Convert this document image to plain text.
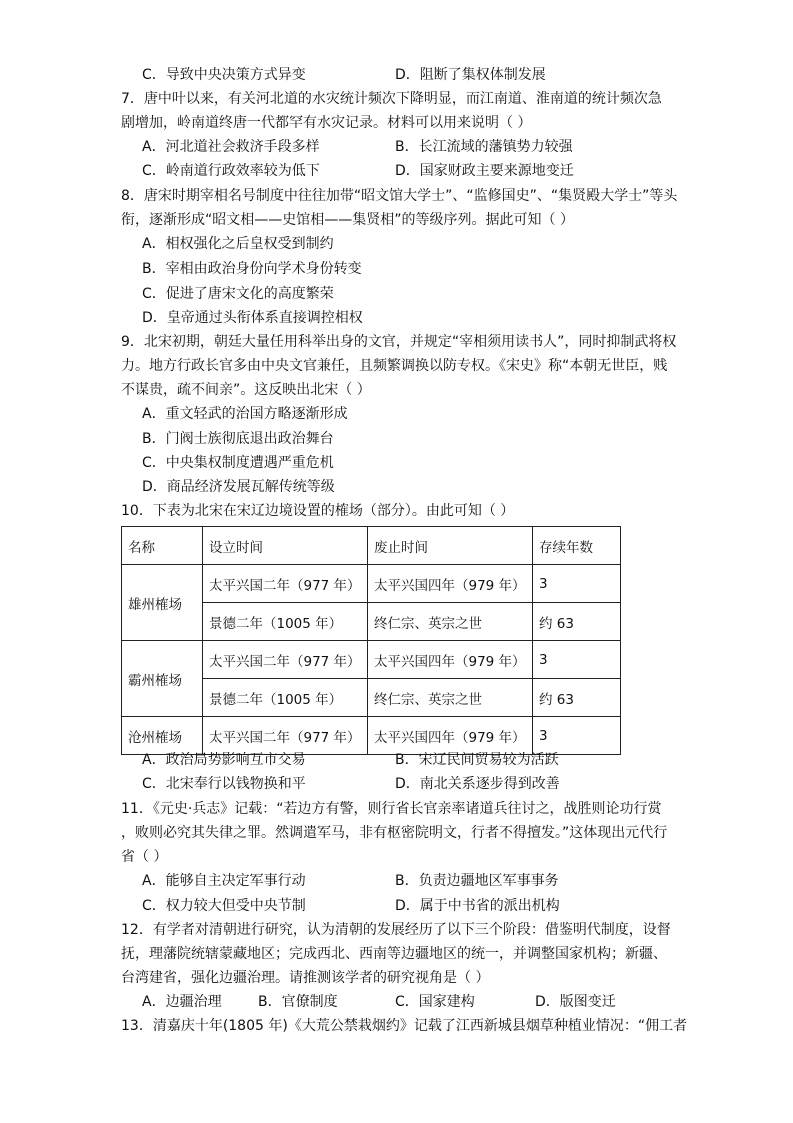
C．导致中央决策方式异变	D．阻断了集权体制发展
7．唐中叶以来，有关河北道的水灾统计频次下降明显，而江南道、淮南道的统计频次急
剧增加，岭南道终唐一代都罕有水灾记录。材料可以用来说明（ ）
A．河北道社会救济手段多样	B．长江流域的藩镇势力较强
C．岭南道行政效率较为低下	D．国家财政主要来源地变迁
8．唐宋时期宰相名号制度中往往加带“昭文馆大学士”、“监修国史”、“集贤殿大学士”等头
衔，逐渐形成“昭文相——史馆相——集贤相”的等级序列。据此可知（ ）
A．相权强化之后皇权受到制约
B．宰相由政治身份向学术身份转变
C．促进了唐宋文化的高度繁荣
D．皇帝通过头衔体系直接调控相权
9．北宋初期，朝廷大量任用科举出身的文官，并规定“宰相须用读书人”，同时抑制武将权
力。地方行政长官多由中央文官兼任，且频繁调换以防专权。《宋史》称“本朝无世臣，贱
不谋贵，疏不间亲”。这反映出北宋（ ）
A．重文轻武的治国方略逐渐形成
B．门阀士族彻底退出政治舞台
C．中央集权制度遭遇严重危机
D．商品经济发展瓦解传统等级
10．下表为北宋在宋辽边境设置的榷场（部分）。由此可知（ ）
名称	设立时间	废止时间	存续年数
雄州榷场	太平兴国二年（977 年）	太平兴国四年（979 年）	3
	景德二年（1005 年）	终仁宗、英宗之世	约 63
霸州榷场	太平兴国二年（977 年）	太平兴国四年（979 年）	3
	景德二年（1005 年）	终仁宗、英宗之世	约 63
沧州榷场	太平兴国二年（977 年）	太平兴国四年（979 年）	3
A．政治局势影响互市交易	B．宋辽民间贸易较为活跃
C．北宋奉行以钱物换和平	D．南北关系逐步得到改善
11．《元史·兵志》记载：“若边方有警，则行省长官亲率诸道兵往讨之，战胜则论功行赏
，败则必究其失律之罪。然调遣军马，非有枢密院明文，行者不得擅发。”这体现出元代行
省（ ）
A．能够自主决定军事行动	B．负责边疆地区军事事务
C．权力较大但受中央节制	D．属于中书省的派出机构
12．有学者对清朝进行研究，认为清朝的发展经历了以下三个阶段：借鉴明代制度，设督
抚，理藩院统辖蒙藏地区；完成西北、西南等边疆地区的统一，并调整国家机构；新疆、
台湾建省，强化边疆治理。请推测该学者的研究视角是（ ）
A．边疆治理	B．官僚制度	C．国家建构	D．版图变迁
13．清嘉庆十年(1805 年)《大荒公禁栽烟约》记载了江西新城县烟草种植业情况：“佣工者
